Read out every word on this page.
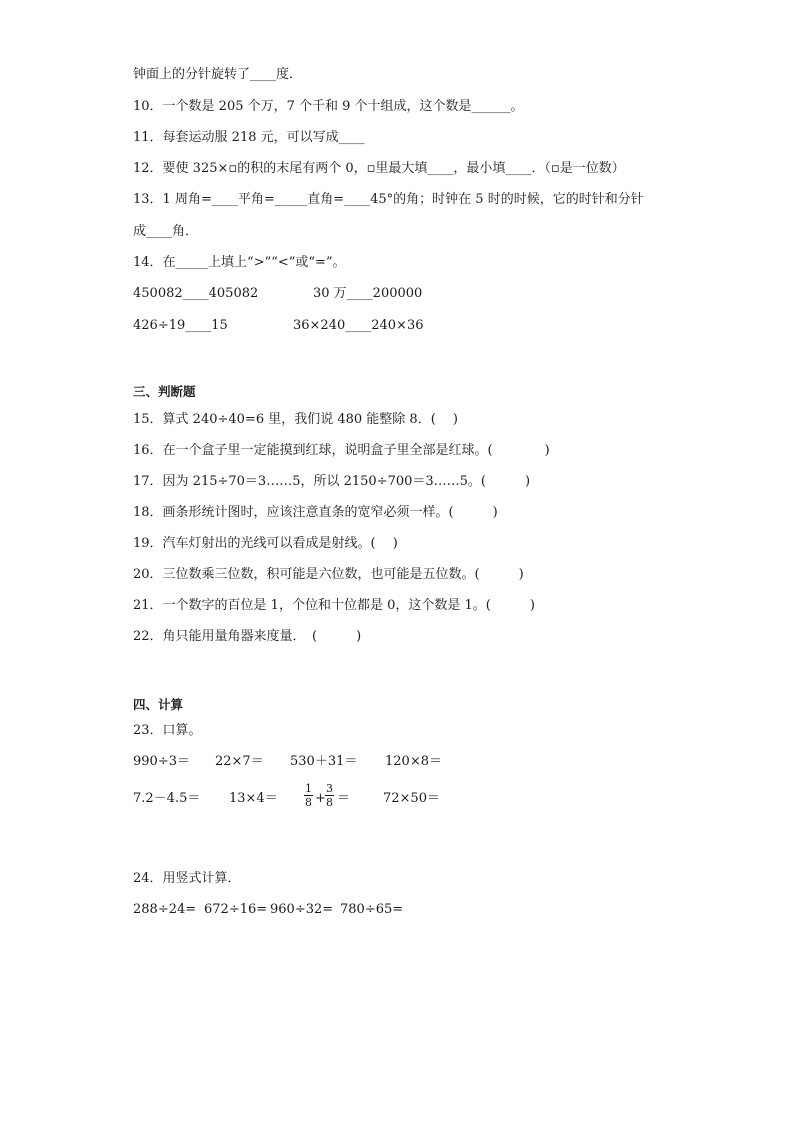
钟面上的分针旋转了____度．
10．一个数是 205 个万，7 个千和 9 个十组成，这个数是______。
11．每套运动服 218 元，可以写成____
12．要使 325×▫的积的末尾有两个 0，▫里最大填____，最小填____．（▫是一位数）
13．1 周角=____平角=_____直角=____45°的角；时钟在 5 时的时候，它的时针和分针
成____角．
14．在_____上填上“>”“<”或“=”。
450082____405082	30 万____200000
426÷19____15	36×240____240×36
三、判断题
15．算式 240÷40=6 里，我们说 480 能整除 8．(　 )
16．在一个盒子里一定能摸到红球，说明盒子里全部是红球。(　　　　)
17．因为 215÷70＝3……5，所以 2150÷700＝3……5。(　　　)
18．画条形统计图时，应该注意直条的宽窄必须一样。(　　　)
19．汽车灯射出的光线可以看成是射线。(　 )
20．三位数乘三位数，积可能是六位数，也可能是五位数。(　　　)
21．一个数字的百位是 1，个位和十位都是 0，这个数是 1。(　　　)
22．角只能用量角器来度量．　(　　　)
四、计算
23．口算。
990÷3＝ 22×7＝ 530＋31＝ 120×8＝
$7.2-4.5= 13\times 4= \frac{1}{8} + \frac{3}{8}$ ＝	72×50＝
24．用竖式计算．
288÷24= 672÷16= 960÷32= 780÷65=
